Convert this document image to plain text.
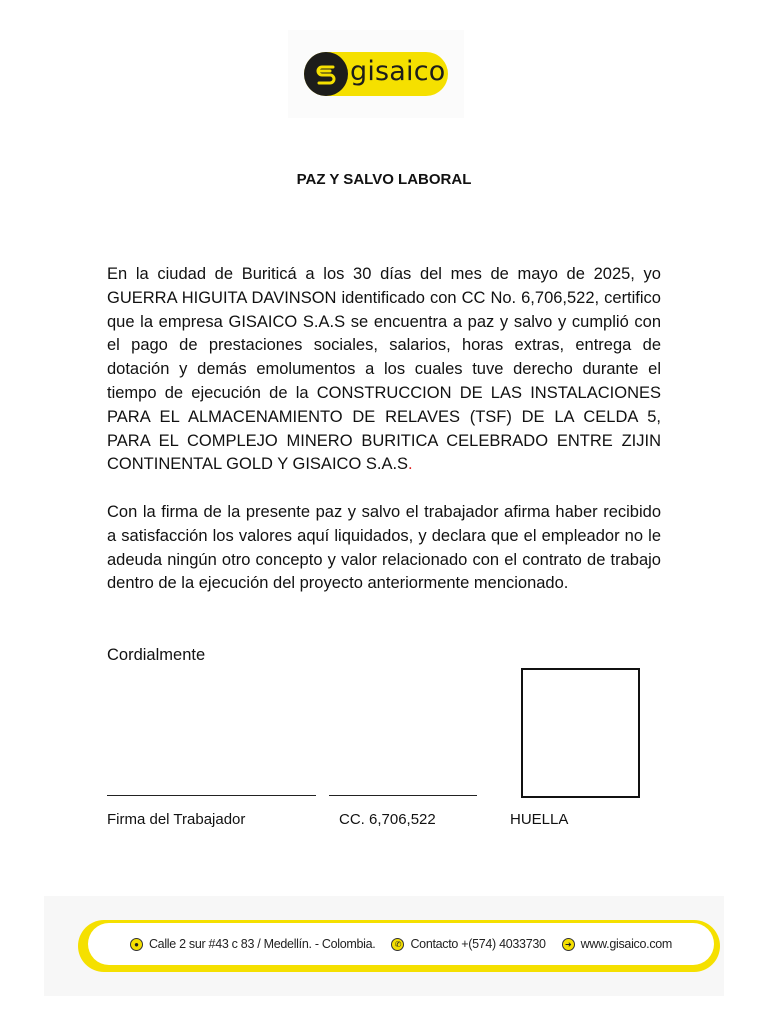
gisaico
PAZ Y SALVO LABORAL
En la ciudad de Buriticá a los 30 días del mes de mayo de 2025, yo GUERRA HIGUITA DAVINSON identificado con CC No. 6,706,522, certifico que la empresa GISAICO S.A.S se encuentra a paz y salvo y cumplió con el pago de prestaciones sociales, salarios, horas extras, entrega de dotación y demás emolumentos a los cuales tuve derecho durante el tiempo de ejecución de la CONSTRUCCION DE LAS INSTALACIONES PARA EL ALMACENAMIENTO DE RELAVES (TSF) DE LA CELDA 5, PARA EL COMPLEJO MINERO BURITICA CELEBRADO ENTRE ZIJIN CONTINENTAL GOLD Y GISAICO S.A.S.
Con la firma de la presente paz y salvo el trabajador afirma haber recibido a satisfacción los valores aquí liquidados, y declara que el empleador no le adeuda ningún otro concepto y valor relacionado con el contrato de trabajo dentro de la ejecución del proyecto anteriormente mencionado.
Cordialmente
Firma del Trabajador	CC. 6,706,522	HUELLA
● Calle 2 sur #43 c 83 / Medellín. - Colombia.	✆ Contacto +(574) 4033730	➜ www.gisaico.com
